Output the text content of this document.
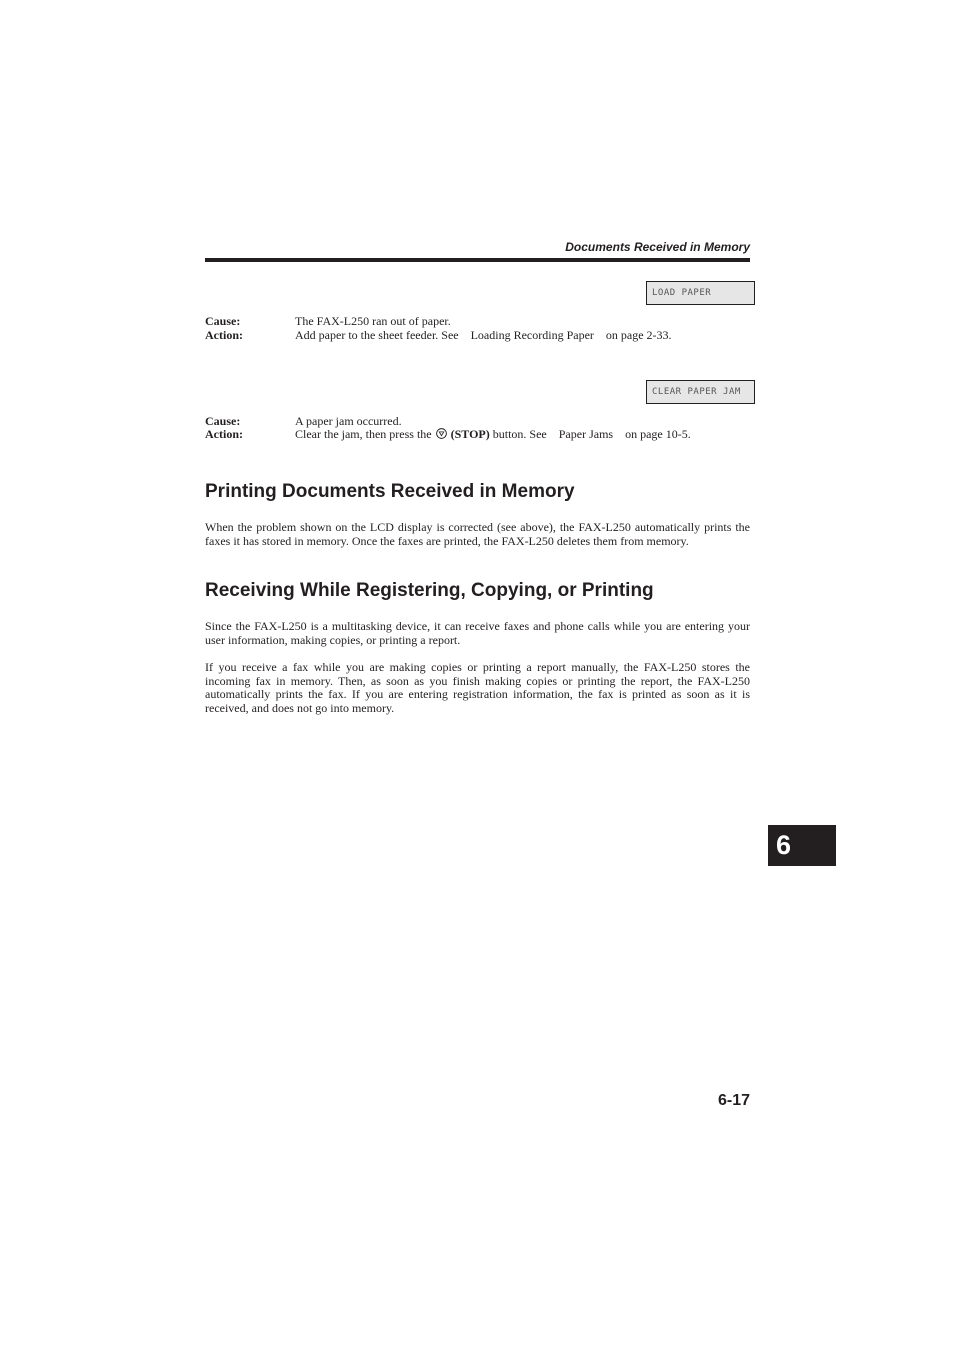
Documents Received in Memory
LOAD PAPER
Cause:	The FAX-L250 ran out of paper.
Action:	Add paper to the sheet feeder. See Loading Recording Paper on page 2-33.
CLEAR PAPER JAM
Cause:	A paper jam occurred.
Action:	Clear the jam, then press the (STOP) button. See Paper Jams on page 10-5.
Printing Documents Received in Memory

When the problem shown on the LCD display is corrected (see above), the FAX-L250 automatically prints the faxes it has stored in memory. Once the faxes are printed, the FAX-L250 deletes them from memory.

Receiving While Registering, Copying, or Printing

Since the FAX-L250 is a multitasking device, it can receive faxes and phone calls while you are entering your user information, making copies, or printing a report.

If you receive a fax while you are making copies or printing a report manually, the FAX-L250 stores the incoming fax in memory. Then, as soon as you finish making copies or printing the report, the FAX-L250 automatically prints the fax. If you are entering registration information, the fax is printed as soon as it is received, and does not go into memory.

6
6-17
